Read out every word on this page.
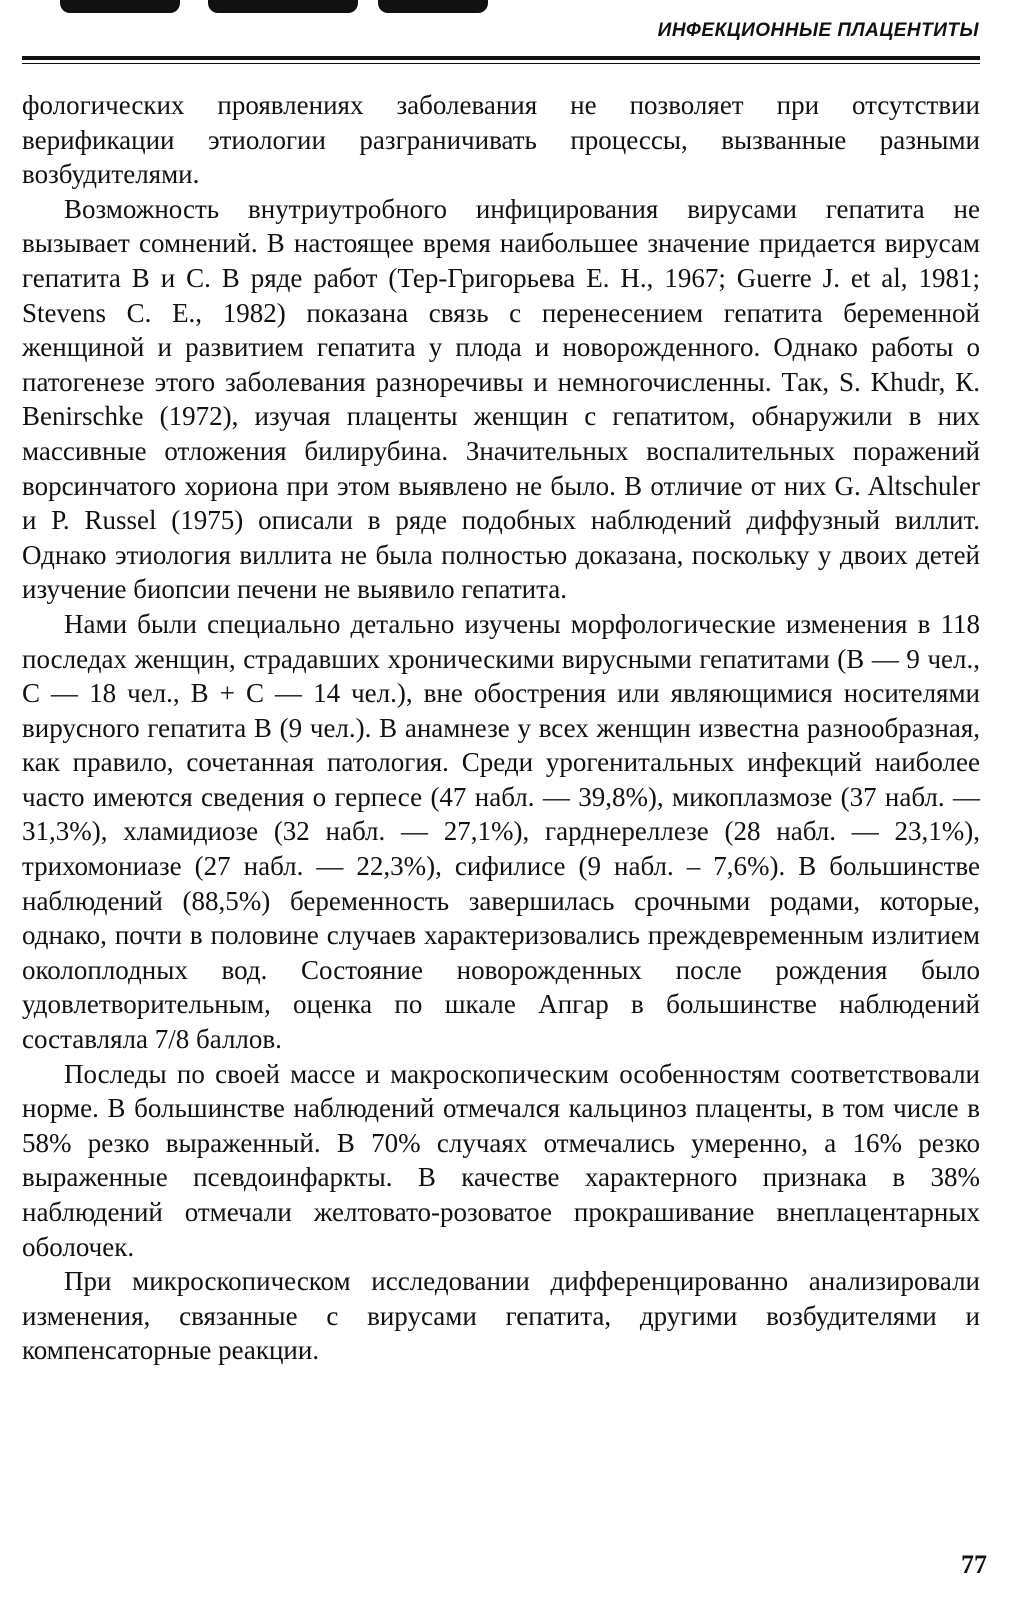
ИНФЕКЦИОННЫЕ ПЛАЦЕНТИТЫ

фологических проявлениях заболевания не позволяет при отсутствии верификации этиологии разграничивать процессы, вызванные разными возбудителями.

Возможность внутриутробного инфицирования вирусами гепатита не вызывает сомнений. В настоящее время наибольшее значение придается вирусам гепатита В и С. В ряде работ (Тер-Григорьева Е. Н., 1967; Guerre J. et al, 1981; Stevens С. Е., 1982) показана связь с перенесением гепатита беременной женщиной и развитием гепатита у плода и новорожденного. Однако работы о патогенезе этого заболевания разноречивы и немногочисленны. Так, S. Khudr, К. Benirschke (1972), изучая плаценты женщин с гепатитом, обнаружили в них массивные отложения билирубина. Значительных воспалительных поражений ворсинчатого хориона при этом выявлено не было. В отличие от них G. Altschuler и Р. Russel (1975) описали в ряде подобных наблюдений диффузный виллит. Однако этиология виллита не была полностью доказана, поскольку у двоих детей изучение биопсии печени не выявило гепатита.

Нами были специально детально изучены морфологические изменения в 118 последах женщин, страдавших хроническими вирусными гепатитами (В — 9 чел., С — 18 чел., В + С — 14 чел.), вне обострения или являющимися носителями вирусного гепатита В (9 чел.). В анамнезе у всех женщин известна разнообразная, как правило, сочетанная патология. Среди урогенитальных инфекций наиболее часто имеются сведения о герпесе (47 набл. — 39,8%), микоплазмозе (37 набл. — 31,3%), хламидиозе (32 набл. — 27,1%), гарднереллезе (28 набл. — 23,1%), трихомониазе (27 набл. — 22,3%), сифилисе (9 набл. – 7,6%). В большинстве наблюдений (88,5%) беременность завершилась срочными родами, которые, однако, почти в половине случаев характеризовались преждевременным излитием околоплодных вод. Состояние новорожденных после рождения было удовлетворительным, оценка по шкале Апгар в большинстве наблюдений составляла 7/8 баллов.

Последы по своей массе и макроскопическим особенностям соответствовали норме. В большинстве наблюдений отмечался кальциноз плаценты, в том числе в 58% резко выраженный. В 70% случаях отмечались умеренно, а 16% резко выраженные псевдоинфаркты. В качестве характерного признака в 38% наблюдений отмечали желтовато-розоватое прокрашивание внеплацентарных оболочек.

При микроскопическом исследовании дифференцированно анализировали изменения, связанные с вирусами гепатита, другими возбудителями и компенсаторные реакции.

77
